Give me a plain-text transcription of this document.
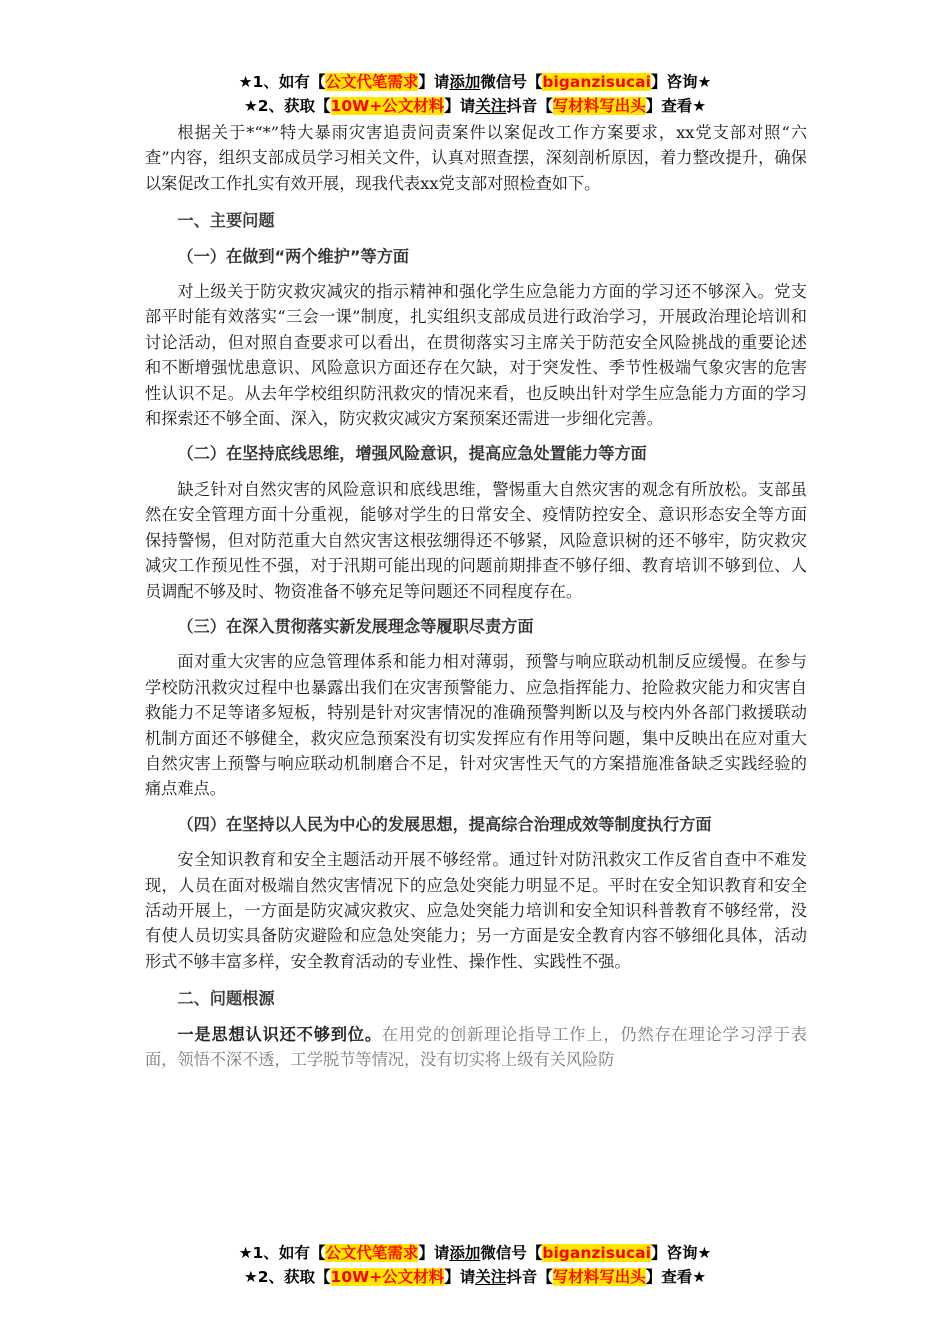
★1、如有【公文代笔需求】请添加微信号【biganzisucai】咨询★
★2、获取【10W+公文材料】请关注抖音【写材料写出头】查看★

根据关于*“*”特大暴雨灾害追责问责案件以案促改工作方案要求，xx党支部对照“六查”内容，组织支部成员学习相关文件，认真对照查摆，深刻剖析原因，着力整改提升，确保以案促改工作扎实有效开展，现我代表xx党支部对照检查如下。

一、主要问题
（一）在做到“两个维护”等方面

对上级关于防灾救灾减灾的指示精神和强化学生应急能力方面的学习还不够深入。党支部平时能有效落实“三会一课”制度，扎实组织支部成员进行政治学习，开展政治理论培训和讨论活动，但对照自查要求可以看出，在贯彻落实习主席关于防范安全风险挑战的重要论述和不断增强忧患意识、风险意识方面还存在欠缺，对于突发性、季节性极端气象灾害的危害性认识不足。从去年学校组织防汛救灾的情况来看，也反映出针对学生应急能力方面的学习和探索还不够全面、深入，防灾救灾减灾方案预案还需进一步细化完善。

（二）在坚持底线思维，增强风险意识，提高应急处置能力等方面

缺乏针对自然灾害的风险意识和底线思维，警惕重大自然灾害的观念有所放松。支部虽然在安全管理方面十分重视，能够对学生的日常安全、疫情防控安全、意识形态安全等方面保持警惕，但对防范重大自然灾害这根弦绷得还不够紧，风险意识树的还不够牢，防灾救灾减灾工作预见性不强，对于汛期可能出现的问题前期排查不够仔细、教育培训不够到位、人员调配不够及时、物资准备不够充足等问题还不同程度存在。

（三）在深入贯彻落实新发展理念等履职尽责方面

面对重大灾害的应急管理体系和能力相对薄弱，预警与响应联动机制反应缓慢。在参与学校防汛救灾过程中也暴露出我们在灾害预警能力、应急指挥能力、抢险救灾能力和灾害自救能力不足等诸多短板，特别是针对灾害情况的准确预警判断以及与校内外各部门救援联动机制方面还不够健全，救灾应急预案没有切实发挥应有作用等问题，集中反映出在应对重大自然灾害上预警与响应联动机制磨合不足，针对灾害性天气的方案措施准备缺乏实践经验的痛点难点。

（四）在坚持以人民为中心的发展思想，提高综合治理成效等制度执行方面

安全知识教育和安全主题活动开展不够经常。通过针对防汛救灾工作反省自查中不难发现，人员在面对极端自然灾害情况下的应急处突能力明显不足。平时在安全知识教育和安全活动开展上，一方面是防灾减灾救灾、应急处突能力培训和安全知识科普教育不够经常，没有使人员切实具备防灾避险和应急处突能力；另一方面是安全教育内容不够细化具体，活动形式不够丰富多样，安全教育活动的专业性、操作性、实践性不强。

二、问题根源

一是思想认识还不够到位。在用党的创新理论指导工作上，仍然存在理论学习浮于表面，领悟不深不透，工学脱节等情况，没有切实将上级有关风险防

★1、如有【公文代笔需求】请添加微信号【biganzisucai】咨询★
★2、获取【10W+公文材料】请关注抖音【写材料写出头】查看★
